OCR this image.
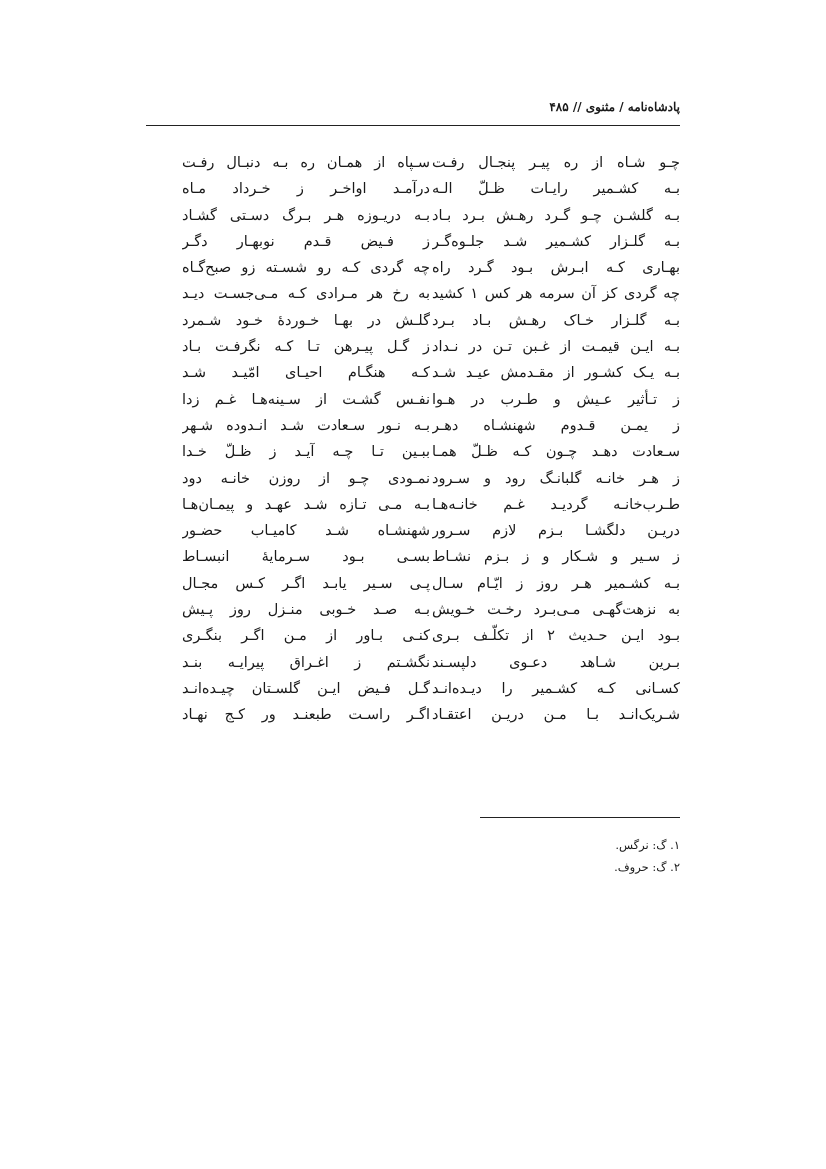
پادشاه‌نامه / مثنوی // ۴۸۵
چـو شـاه از ره پیـر پنجـال رفـت
بـه کشـمیر رایـات ظـلّ الـه
بـه گلشـن چـو گـرد رهـش بـرد بـاد
بـه گلـزار کشـمیر شـد جلـوه‌گـر
بهـاری کـه ابـرش بـود گـرد راه
چه گردی کز آن سرمه هر کس ۱ کشید
بـه گلـزار خـاک رهـش بـاد بـرد
بـه ایـن قیمـت از غـبن تـن در نـداد
بـه یـک کشـور از مقـدمش عیـد شـد
ز تـأثیر عـیش و طـرب در هـوا
ز یمـن قـدوم شهنشـاه دهـر
سـعادت دهـد چـون کـه ظـلّ همـا
ز هـر خانـه گلبانـگ رود و سـرود
طـرب‌خانـه گردیـد غـم خانـه‌هـا
دریـن دلگشـا بـزم لازم سـرور
ز سـیر و شـکار و ز بـزم نشـاط
بـه کشـمیر هـر روز ز ایّـام سـال
به نزهت‌گهـی مـی‌بـرد رخـت خـویش
بـود ایـن حـدیث ۲ از تکلّـف بـری
بـرین شـاهد دعـوی دلپسـند
کسـانی کـه کشـمیر را دیـده‌انـد
شـریک‌انـد بـا مـن دریـن اعتقـاد
سـپاه از همـان ره بـه دنبـال رفـت
درآمـد اواخـر ز خـرداد مـاه
بـه دریـوزه هـر بـرگ دسـتی گشـاد
ز فـیض قـدم نوبهـار دگـر
چه گردی کـه رو شسـته زو صبح‌گـاه
به رخ هر مـرادی کـه مـی‌جسـت دیـد
گلـش در بهـا خـوردهٔ خـود شـمرد
ز گـل پیـرهن تـا کـه نگرفـت بـاد
کـه هنگـام احیـای امّیـد شـد
نفـس گشـت از سـینه‌هـا غـم زدا
بـه نـور سـعادت شـد انـدوده شـهر
ببـین تـا چـه آیـد ز ظـلّ خـدا
نمـودی چـو از روزن خانـه دود
بـه مـی تـازه شـد عهـد و پیمـان‌هـا
شهنشـاه شـد کامیـاب حضـور
بسـی بـود سـرمایهٔ انبسـاط
پـی سـیر یابـد اگـر کـس مجـال
بـه صـد خـوبی منـزل روز پـیش
کنـی بـاور از مـن اگـر بنگـری
نگشـتم ز اغـراق پیرایـه بنـد
گـل فـیض ایـن گلسـتان چیـده‌انـد
اگـر راسـت طبعنـد ور کـج نهـاد
۱. گ: نرگس.
۲. گ: حروف.
